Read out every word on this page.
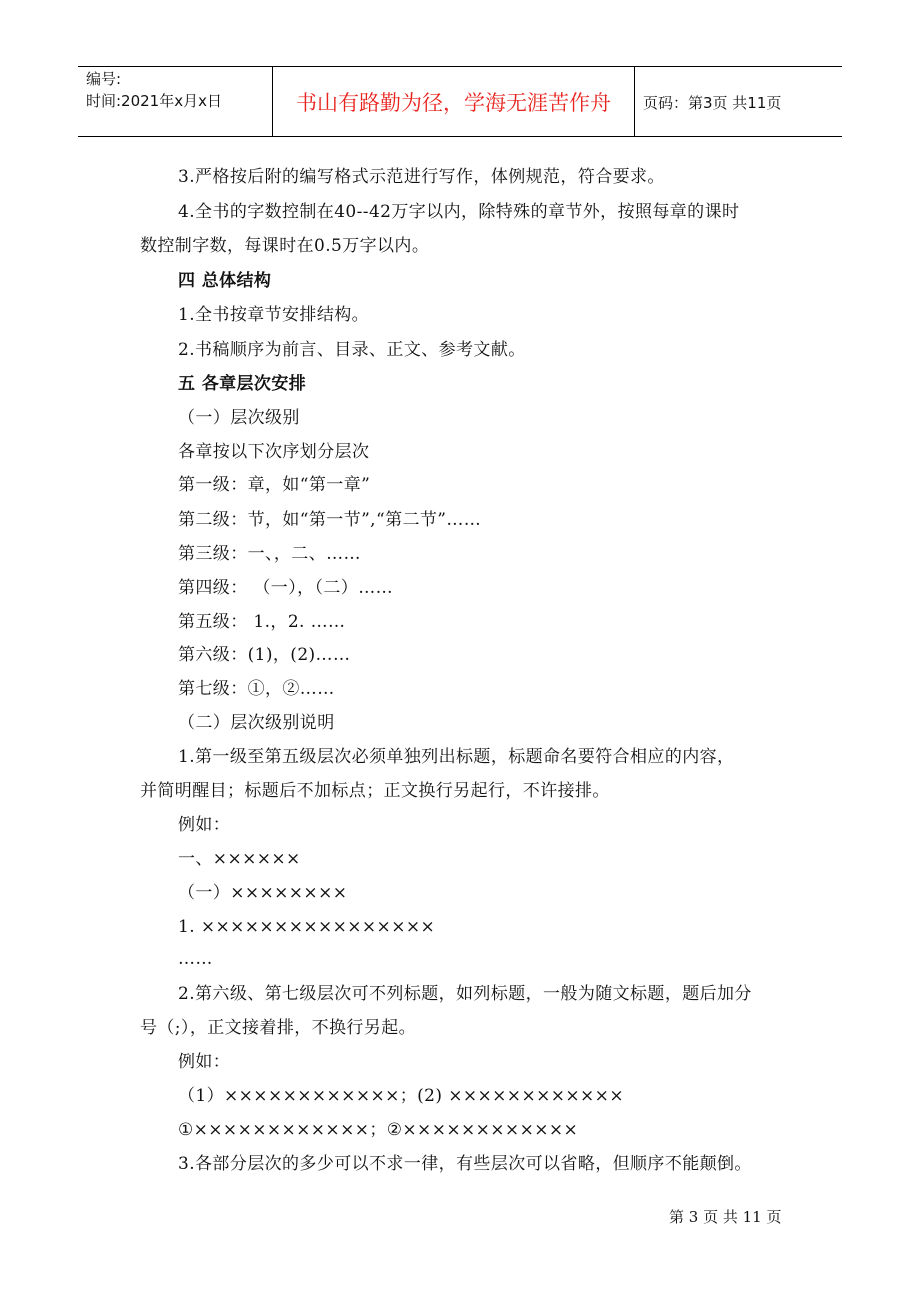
编号:
时间:2021年x月x日	书山有路勤为径，学海无涯苦作舟	页码：第3页 共11页
3.严格按后附的编写格式示范进行写作，体例规范，符合要求。
4.全书的字数控制在40--42万字以内，除特殊的章节外，按照每章的课时
数控制字数，每课时在0.5万字以内。
四 总体结构
1.全书按章节安排结构。
2.书稿顺序为前言、目录、正文、参考文献。
五 各章层次安排
（一）层次级别
各章按以下次序划分层次
第一级：章，如“第一章”
第二级：节，如“第一节”,“第二节”……
第三级：一、，二、……
第四级： （一），（二）……
第五级： 1.，2. ……
第六级：(1)，(2)……
第七级：①，②……
（二）层次级别说明
1.第一级至第五级层次必须单独列出标题，标题命名要符合相应的内容，
并简明醒目；标题后不加标点；正文换行另起行，不许接排。
例如：
一、××××××
（一）××××××××
1. ××××××××××××××××
……
2.第六级、第七级层次可不列标题，如列标题，一般为随文标题，题后加分
号（;），正文接着排，不换行另起。
例如：
（1）××××××××××××；(2) ××××××××××××
①××××××××××××；②××××××××××××
3.各部分层次的多少可以不求一律，有些层次可以省略，但顺序不能颠倒。
第 3 页 共 11 页
